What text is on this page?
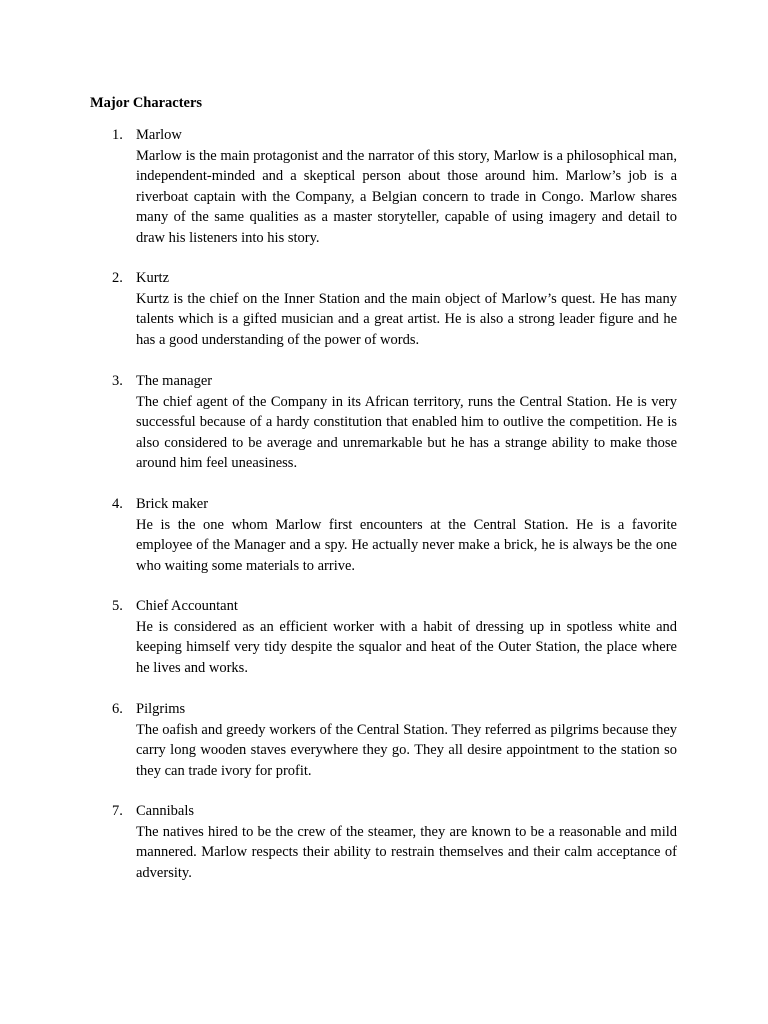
Major Characters
1. Marlow

Marlow is the main protagonist and the narrator of this story, Marlow is a philosophical man, independent-minded and a skeptical person about those around him. Marlow’s job is a riverboat captain with the Company, a Belgian concern to trade in Congo. Marlow shares many of the same qualities as a master storyteller, capable of using imagery and detail to draw his listeners into his story.

2. Kurtz

Kurtz is the chief on the Inner Station and the main object of Marlow’s quest. He has many talents which is a gifted musician and a great artist. He is also a strong leader figure and he has a good understanding of the power of words.

3. The manager

The chief agent of the Company in its African territory, runs the Central Station. He is very successful because of a hardy constitution that enabled him to outlive the competition. He is also considered to be average and unremarkable but he has a strange ability to make those around him feel uneasiness.

4. Brick maker

He is the one whom Marlow first encounters at the Central Station. He is a favorite employee of the Manager and a spy. He actually never make a brick, he is always be the one who waiting some materials to arrive.

5. Chief Accountant

He is considered as an efficient worker with a habit of dressing up in spotless white and keeping himself very tidy despite the squalor and heat of the Outer Station, the place where he lives and works.

6. Pilgrims

The oafish and greedy workers of the Central Station. They referred as pilgrims because they carry long wooden staves everywhere they go. They all desire appointment to the station so they can trade ivory for profit.

7. Cannibals

The natives hired to be the crew of the steamer, they are known to be a reasonable and mild mannered. Marlow respects their ability to restrain themselves and their calm acceptance of adversity.
